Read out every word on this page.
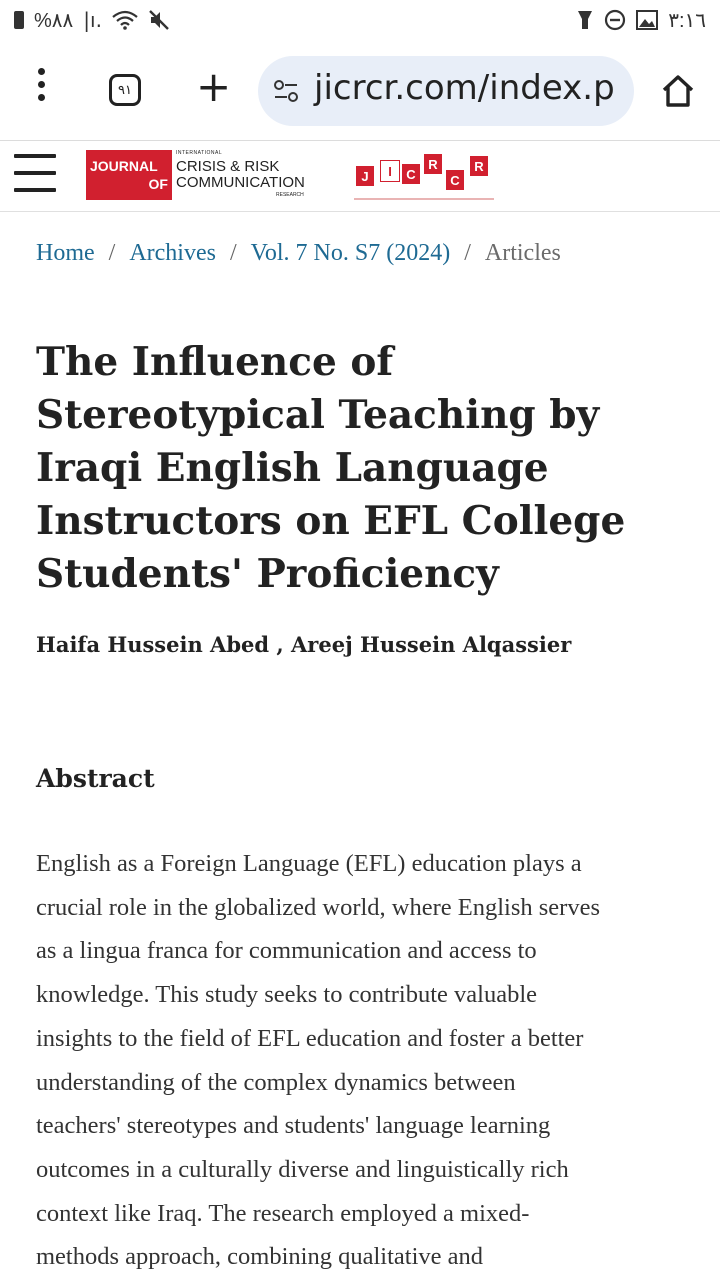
%٨٨ |ı.	٣:١٦
٩١ + jicrcr.com/index.p
JOURNAL
OF
INTERNATIONAL
CRISIS & RISK
COMMUNICATION
RESEARCH
J	I	C
R
C
R
Home / Archives / Vol. 7 No. S7 (2024) / Articles
The Influence of Stereotypical Teaching by Iraqi English Language Instructors on EFL College Students' Proficiency
Haifa Hussein Abed , Areej Hussein Alqassier
Abstract
English as a Foreign Language (EFL) education plays a
crucial role in the globalized world, where English serves
as a lingua franca for communication and access to
knowledge. This study seeks to contribute valuable
insights to the field of EFL education and foster a better
understanding of the complex dynamics between
teachers' stereotypes and students' language learning
outcomes in a culturally diverse and linguistically rich
context like Iraq. The research employed a mixed-
methods approach, combining qualitative and
